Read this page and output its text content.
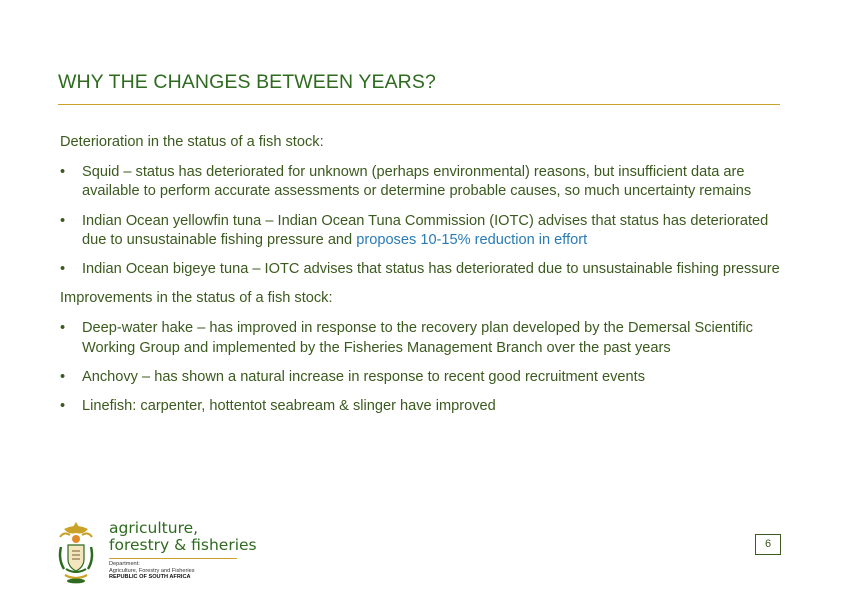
WHY THE CHANGES BETWEEN YEARS?
Deterioration in the status of a fish stock:
• Squid – status has deteriorated for unknown (perhaps environmental) reasons, but insufficient data are available to perform accurate assessments or determine probable causes, so much uncertainty remains
• Indian Ocean yellowfin tuna – Indian Ocean Tuna Commission (IOTC) advises that status has deteriorated due to unsustainable fishing pressure and proposes 10-15% reduction in effort
• Indian Ocean bigeye tuna – IOTC advises that status has deteriorated due to unsustainable fishing pressure
Improvements in the status of a fish stock:
• Deep-water hake – has improved in response to the recovery plan developed by the Demersal Scientific Working Group and implemented by the Fisheries Management Branch over the past years
• Anchovy – has shown a natural increase in response to recent good recruitment events
• Linefish: carpenter, hottentot seabream & slinger have improved
agriculture,
forestry & fisheries
Department:
Agriculture, Forestry and Fisheries
REPUBLIC OF SOUTH AFRICA
6
